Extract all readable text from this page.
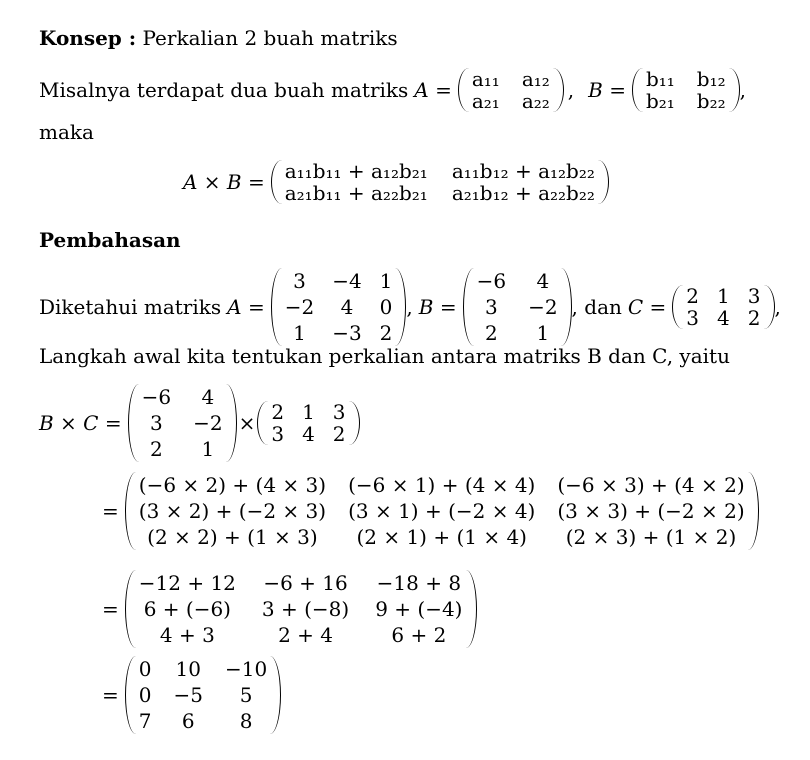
Konsep : Perkalian 2 buah matriks
Misalnya terdapat dua buah matriks A = a₁₁ a₁₂
a₂₁ a₂₂ , B = b₁₁ b₁₂
b₂₁ b₂₂ ,
maka
A × B = a₁₁b₁₁ + a₁₂b₂₁ a₁₁b₁₂ + a₁₂b₂₂
a₂₁b₁₁ + a₂₂b₂₁ a₂₁b₁₂ + a₂₂b₂₂
Pembahasan
Diketahui matriks A =
3 −4 1
−2 4 0
1 −3 2
, B =
−6 4
3 −2
2 1
, dan C = 2 1 3
3 4 2 ,
Langkah awal kita tentukan perkalian antara matriks B dan C, yaitu
B × C =
−6 4
3 −2
2 1
× 2 1 3
3 4 2
=
(−6 × 2) + (4 × 3) (−6 × 1) + (4 × 4) (−6 × 3) + (4 × 2)
(3 × 2) + (−2 × 3) (3 × 1) + (−2 × 4) (3 × 3) + (−2 × 2)
(2 × 2) + (1 × 3) (2 × 1) + (1 × 4) (2 × 3) + (1 × 2)
=
−12 + 12 −6 + 16 −18 + 8
6 + (−6) 3 + (−8) 9 + (−4)
4 + 3	2 + 4	6 + 2
=
0 10 −10
0 −5 5
7 6 8
